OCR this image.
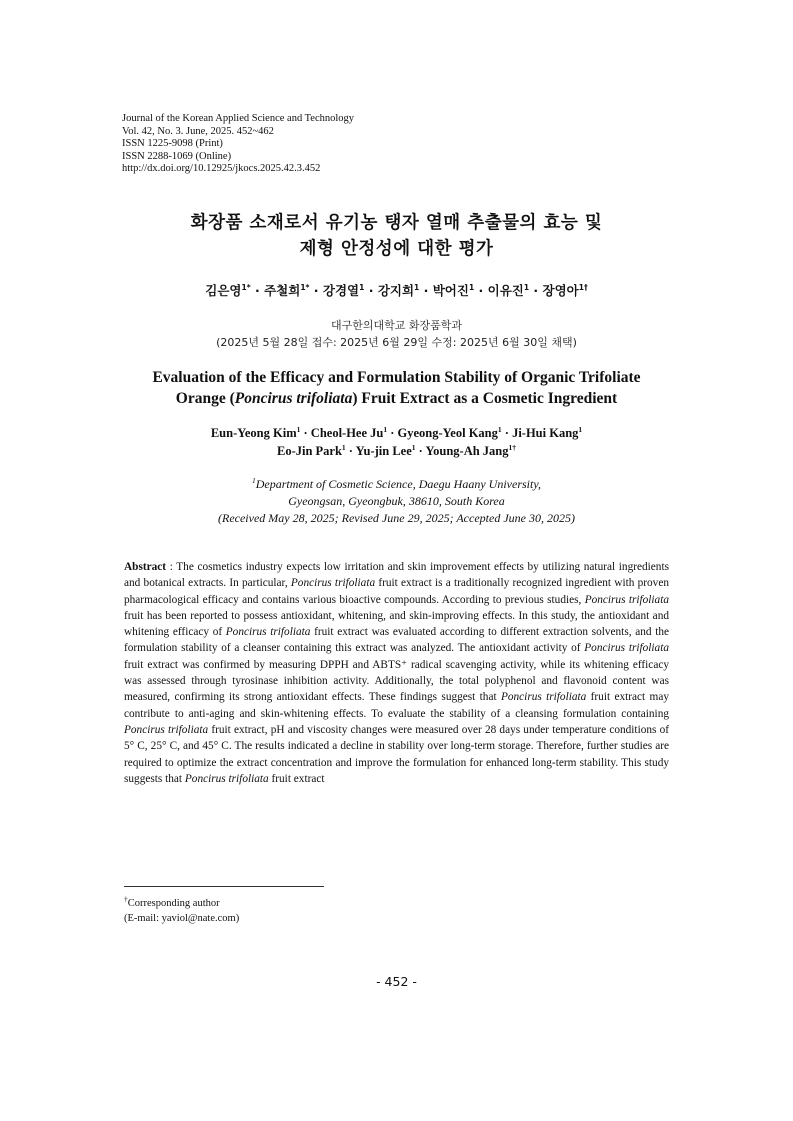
Journal of the Korean Applied Science and Technology
Vol. 42, No. 3. June, 2025. 452~462
ISSN 1225-9098 (Print)
ISSN 2288-1069 (Online)
http://dx.doi.org/10.12925/jkocs.2025.42.3.452
화장품 소재로서 유기농 탱자 열매 추출물의 효능 및
제형 안정성에 대한 평가
김은영$^{1*}$ · 주철희$^{1*}$ · 강경열$^1$ · 강지희$^1$ · 박어진$^1$ · 이유진$^1$ · 장영아$^{1\dagger}$
대구한의대학교 화장품학과
(2025년 5월 28일 접수: 2025년 6월 29일 수정: 2025년 6월 30일 채택)
Evaluation of the Efficacy and Formulation Stability of Organic Trifoliate
Orange (Poncirus trifoliata) Fruit Extract as a Cosmetic Ingredient
Eun-Yeong Kim$^1$ · Cheol-Hee $Ju^1$ · Gyeong-Yeol Kang$^1$ · Ji-Hui Kang$^1$
Eo-Jin Park$^1$ · Yu-jin Lee$^1$ · Young-Ah Jang$^{1\dagger}$
$^1$Department of Cosmetic Science, Daegu Haany University,
Gyeongsan, Gyeongbuk, 38610, South Korea
(Received May 28, 2025; Revised June 29, 2025; Accepted June 30, 2025)
Abstract : The cosmetics industry expects low irritation and skin improvement effects by utilizing natural ingredients and botanical extracts. In particular, Poncirus trifoliata fruit extract is a traditionally recognized ingredient with proven pharmacological efficacy and contains various bioactive compounds. According to previous studies, Poncirus trifoliata fruit has been reported to possess antioxidant, whitening, and skin-improving effects. In this study, the antioxidant and whitening efficacy of Poncirus trifoliata fruit extract was evaluated according to different extraction solvents, and the formulation stability of a cleanser containing this extract was analyzed. The antioxidant activity of Poncirus trifoliata fruit extract was confirmed by measuring DPPH and ABTS⁺ radical scavenging activity, while its whitening efficacy was assessed through tyrosinase inhibition activity. Additionally, the total polyphenol and flavonoid content was measured, confirming its strong antioxidant effects. These findings suggest that Poncirus trifoliata fruit extract may contribute to anti-aging and skin-whitening effects. To evaluate the stability of a cleansing formulation containing Poncirus trifoliata fruit extract, pH and viscosity changes were measured over 28 days under temperature conditions of 5° C, 25° C, and 45° C. The results indicated a decline in stability over long-term storage. Therefore, further studies are required to optimize the extract concentration and improve the formulation for enhanced long-term stability. This study suggests that Poncirus trifoliata fruit extract
†Corresponding author
(E-mail: yaviol@nate.com)
- 452 -
